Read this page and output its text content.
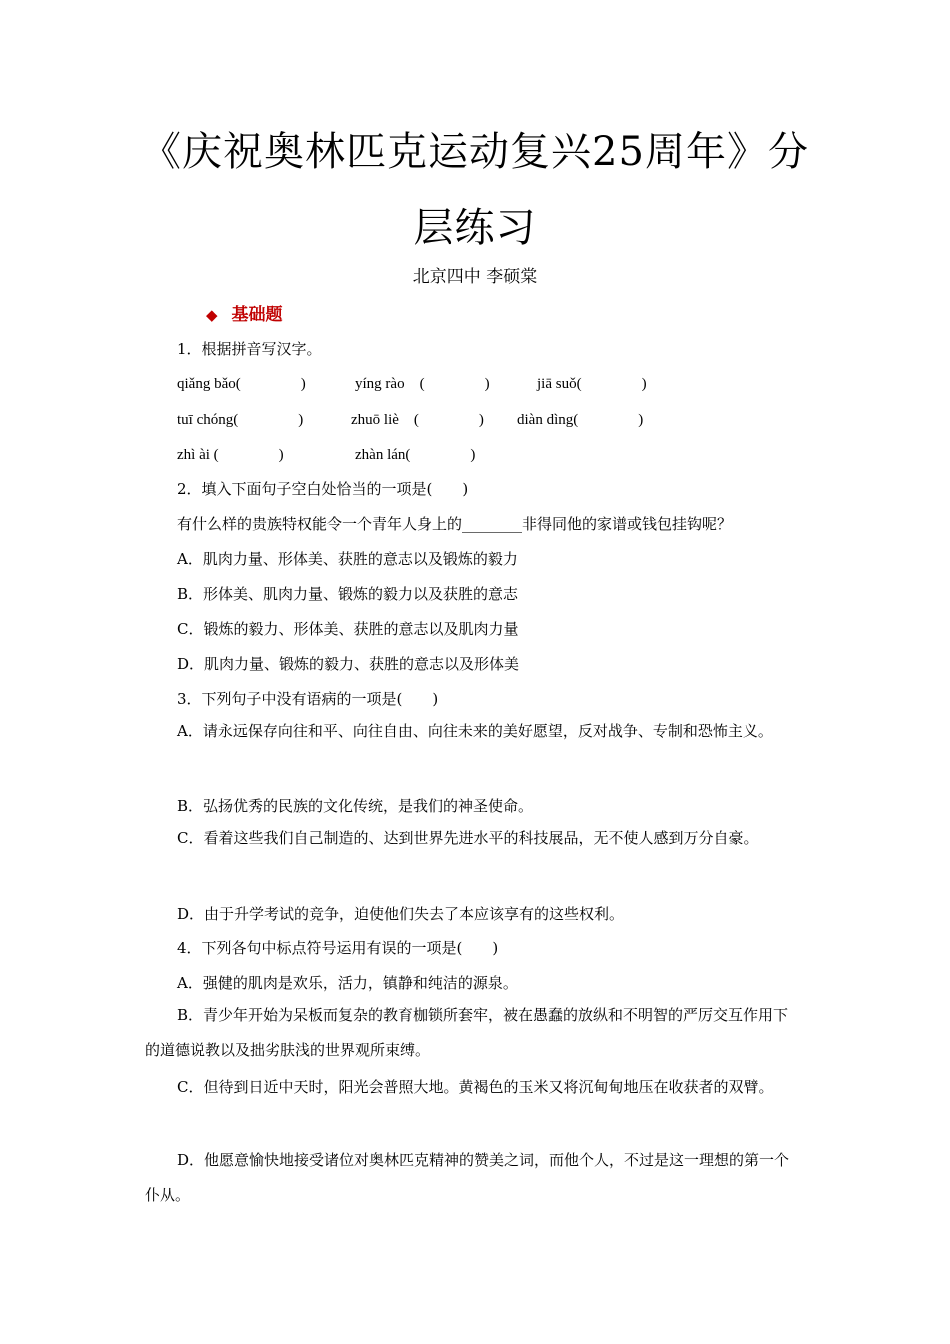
《庆祝奥林匹克运动复兴25周年》分
层练习
北京四中 李硕棠
◆ 基础题
1．根据拼音写汉字。
qiǎng bǎo(　　　　)	yíng rào　(　　　　)	jiā suǒ(　　　　)
tuī chóng(　　　　)	zhuō liè　(　　　　) diàn dìng(　　　　)
zhì ài (　　　　)	zhàn lán(　　　　)
2．填入下面句子空白处恰当的一项是(　　)
有什么样的贵族特权能令一个青年人身上的________非得同他的家谱或钱包挂钩呢？
A．肌肉力量、形体美、获胜的意志以及锻炼的毅力
B．形体美、肌肉力量、锻炼的毅力以及获胜的意志
C．锻炼的毅力、形体美、获胜的意志以及肌肉力量
D．肌肉力量、锻炼的毅力、获胜的意志以及形体美
3．下列句子中没有语病的一项是(　　)
A．请永远保存向往和平、向往自由、向往未来的美好愿望，反对战争、专制和恐怖主义。
B．弘扬优秀的民族的文化传统，是我们的神圣使命。
C．看着这些我们自己制造的、达到世界先进水平的科技展品，无不使人感到万分自豪。
D．由于升学考试的竞争，迫使他们失去了本应该享有的这些权利。
4．下列各句中标点符号运用有误的一项是(　　)
A．强健的肌肉是欢乐，活力，镇静和纯洁的源泉。
B．青少年开始为呆板而复杂的教育枷锁所套牢，被在愚蠢的放纵和不明智的严厉交互作用下的道德说教以及拙劣肤浅的世界观所束缚。
C．但待到日近中天时，阳光会普照大地。黄褐色的玉米又将沉甸甸地压在收获者的双臂。
D．他愿意愉快地接受诸位对奥林匹克精神的赞美之词，而他个人，不过是这一理想的第一个仆从。
